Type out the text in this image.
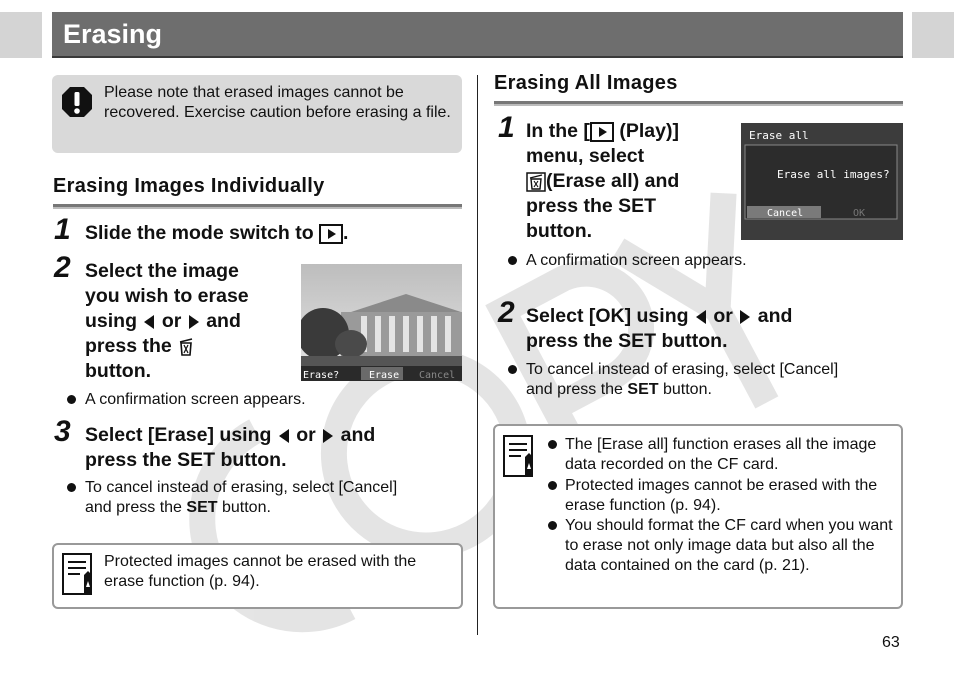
Erasing
Please note that erased images cannot be recovered. Exercise caution before erasing a file.
Erasing Images Individually
1 Slide the mode switch to .
2 Select the image
you wish to erase
using or and
press the
button.	Erase?	Erase Cancel
A confirmation screen appears.
3 Select [Erase] using or and
press the SET button.
To cancel instead of erasing, select [Cancel]
and press the SET button.
Protected images cannot be erased with the erase function (p. 94).
Erasing All Images
1 In the [ (Play)]
menu, select
(Erase all) and
press the SET
button.
Erase all
Erase all images?
Cancel	OK
A confirmation screen appears.
2 Select [OK] using or and
press the SET button.
To cancel instead of erasing, select [Cancel]
and press the SET button.
The [Erase all] function erases all the image data recorded on the CF card.
Protected images cannot be erased with the erase function (p. 94).
You should format the CF card when you want to erase not only image data but also all the data contained on the card (p. 21).
63
